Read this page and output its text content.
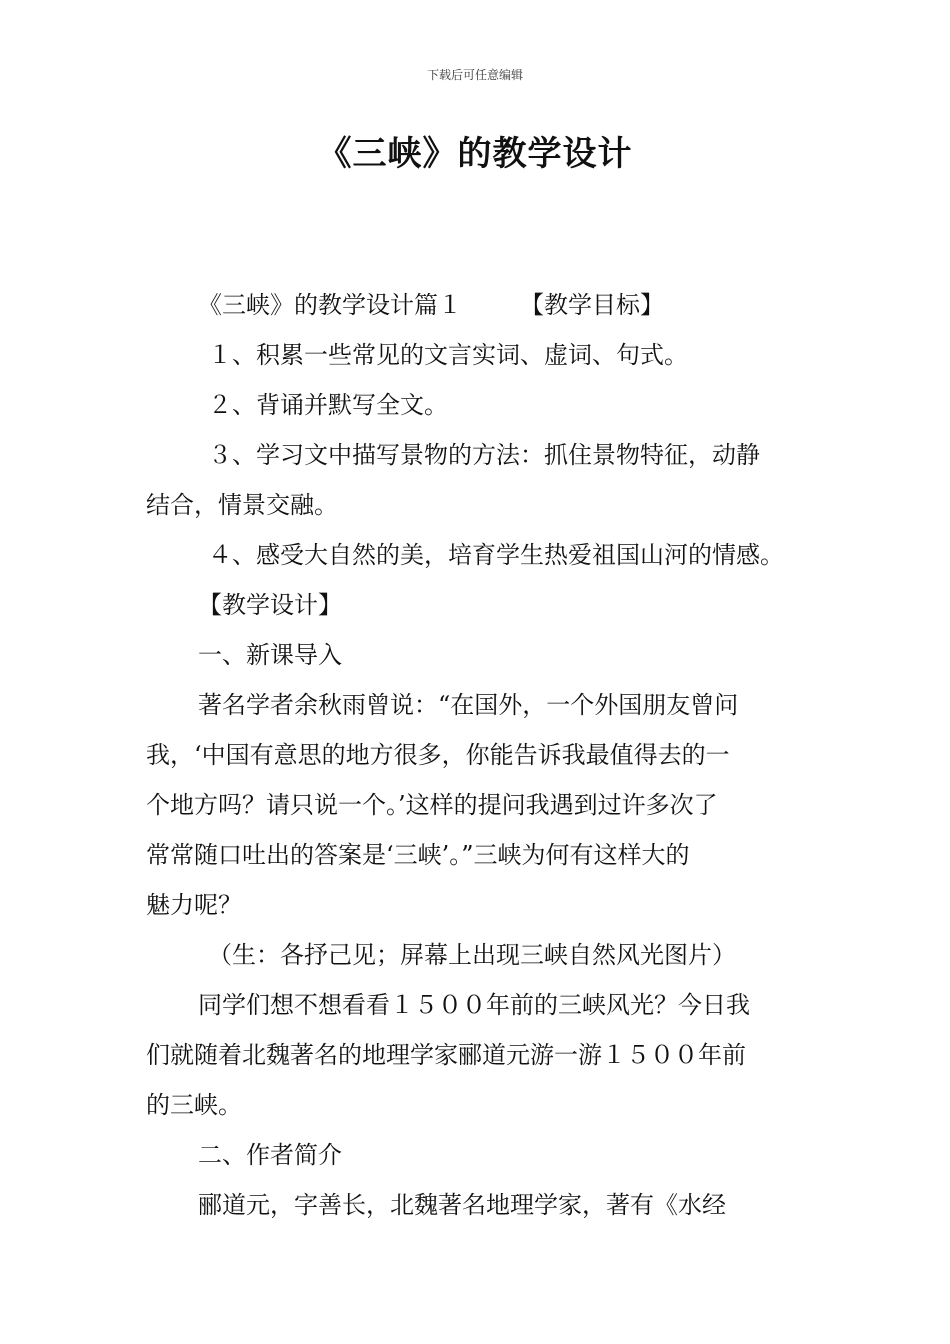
下载后可任意编辑
《三峡》的教学设计
《三峡》的教学设计篇１ 【教学目标】
１、积累一些常见的文言实词、虚词、句式。
２、背诵并默写全文。
３、学习文中描写景物的方法：抓住景物特征，动静
结合，情景交融。
４、感受大自然的美，培育学生热爱祖国山河的情感。
【教学设计】
一、新课导入
著名学者余秋雨曾说：“在国外，一个外国朋友曾问
我，‘中国有意思的地方很多，你能告诉我最值得去的一
个地方吗？请只说一个。’这样的提问我遇到过许多次了
常常随口吐出的答案是‘三峡’。”三峡为何有这样大的
魅力呢？
（生：各抒己见；屏幕上出现三峡自然风光图片）
同学们想不想看看１５００年前的三峡风光？今日我
们就随着北魏著名的地理学家郦道元游一游１５００年前
的三峡。
二、作者简介
郦道元，字善长，北魏著名地理学家，著有《水经
